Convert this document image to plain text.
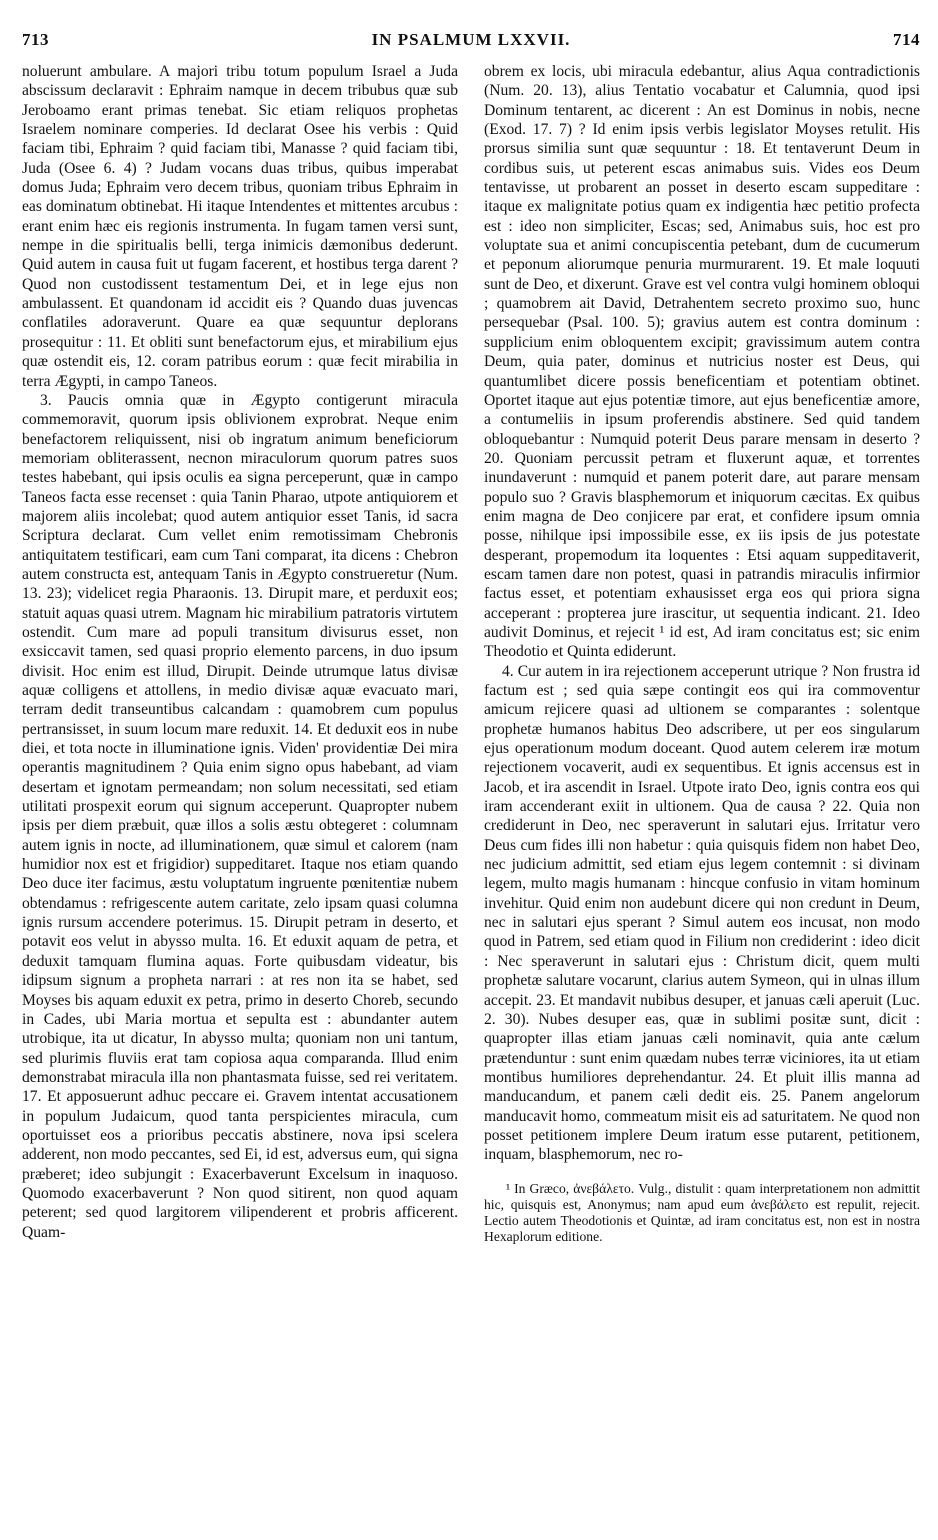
713	IN PSALMUM LXXVII.	714

noluerunt ambulare. A majori tribu totum populum Israel a Juda abscissum declaravit : Ephraim namque in decem tribubus quæ sub Jeroboamo erant primas tenebat. Sic etiam reliquos prophetas Israelem nominare comperies. Id declarat Osee his verbis : Quid faciam tibi, Ephraim ? quid faciam tibi, Manasse ? quid faciam tibi, Juda (Osee 6. 4) ? Judam vocans duas tribus, quibus imperabat domus Juda; Ephraim vero decem tribus, quoniam tribus Ephraim in eas dominatum obtinebat. Hi itaque Intendentes et mittentes arcubus : erant enim hæc eis regionis instrumenta. In fugam tamen versi sunt, nempe in die spiritualis belli, terga inimicis dæmonibus dederunt. Quid autem in causa fuit ut fugam facerent, et hostibus terga darent ? Quod non custodissent testamentum Dei, et in lege ejus non ambulassent. Et quandonam id accidit eis ? Quando duas juvencas conflatiles adoraverunt. Quare ea quæ sequuntur deplorans prosequitur : 11. Et obliti sunt benefactorum ejus, et mirabilium ejus quæ ostendit eis, 12. coram patribus eorum : quæ fecit mirabilia in terra Ægypti, in campo Taneos.

3. Paucis omnia quæ in Ægypto contigerunt miracula commemoravit, quorum ipsis oblivionem exprobrat. Neque enim benefactorem reliquissent, nisi ob ingratum animum beneficiorum memoriam obliterassent, necnon miraculorum quorum patres suos testes habebant, qui ipsis oculis ea signa perceperunt, quæ in campo Taneos facta esse recenset : quia Tanin Pharao, utpote antiquiorem et majorem aliis incolebat; quod autem antiquior esset Tanis, id sacra Scriptura declarat. Cum vellet enim remotissimam Chebronis antiquitatem testificari, eam cum Tani comparat, ita dicens : Chebron autem constructa est, antequam Tanis in Ægypto construeretur (Num. 13. 23); videlicet regia Pharaonis. 13. Dirupit mare, et perduxit eos; statuit aquas quasi utrem. Magnam hic mirabilium patratoris virtutem ostendit. Cum mare ad populi transitum divisurus esset, non exsiccavit tamen, sed quasi proprio elemento parcens, in duo ipsum divisit. Hoc enim est illud, Dirupit. Deinde utrumque latus divisæ aquæ colligens et attollens, in medio divisæ aquæ evacuato mari, terram dedit transeuntibus calcandam : quamobrem cum populus pertransisset, in suum locum mare reduxit. 14. Et deduxit eos in nube diei, et tota nocte in illuminatione ignis. Viden' providentiæ Dei mira operantis magnitudinem ? Quia enim signo opus habebant, ad viam desertam et ignotam permeandam; non solum necessitati, sed etiam utilitati prospexit eorum qui signum acceperunt. Quapropter nubem ipsis per diem præbuit, quæ illos a solis æstu obtegeret : columnam autem ignis in nocte, ad illuminationem, quæ simul et calorem (nam humidior nox est et frigidior) suppeditaret. Itaque nos etiam quando Deo duce iter facimus, æstu voluptatum ingruente pœnitentiæ nubem obtendamus : refrigescente autem caritate, zelo ipsam quasi columna ignis rursum accendere poterimus. 15. Dirupit petram in deserto, et potavit eos velut in abysso multa. 16. Et eduxit aquam de petra, et deduxit tamquam flumina aquas. Forte quibusdam videatur, bis idipsum signum a propheta narrari : at res non ita se habet, sed Moyses bis aquam eduxit ex petra, primo in deserto Choreb, secundo in Cades, ubi Maria mortua et sepulta est : abundanter autem utrobique, ita ut dicatur, In abysso multa; quoniam non uni tantum, sed plurimis fluviis erat tam copiosa aqua comparanda. Illud enim demonstrabat miracula illa non phantasmata fuisse, sed rei veritatem. 17. Et apposuerunt adhuc peccare ei. Gravem intentat accusationem in populum Judaicum, quod tanta perspicientes miracula, cum oportuisset eos a prioribus peccatis abstinere, nova ipsi scelera adderent, non modo peccantes, sed Ei, id est, adversus eum, qui signa præberet; ideo subjungit : Exacerbaverunt Excelsum in inaquoso. Quomodo exacerbaverunt ? Non quod sitirent, non quod aquam peterent; sed quod largitorem vilipenderent et probris afficerent. Quam-

obrem ex locis, ubi miracula edebantur, alius Aqua contradictionis (Num. 20. 13), alius Tentatio vocabatur et Calumnia, quod ipsi Dominum tentarent, ac dicerent : An est Dominus in nobis, necne (Exod. 17. 7) ? Id enim ipsis verbis legislator Moyses retulit. His prorsus similia sunt quæ sequuntur : 18. Et tentaverunt Deum in cordibus suis, ut peterent escas animabus suis. Vides eos Deum tentavisse, ut probarent an posset in deserto escam suppeditare : itaque ex malignitate potius quam ex indigentia hæc petitio profecta est : ideo non simpliciter, Escas; sed, Animabus suis, hoc est pro voluptate sua et animi concupiscentia petebant, dum de cucumerum et peponum aliorumque penuria murmurarent. 19. Et male loquuti sunt de Deo, et dixerunt. Grave est vel contra vulgi hominem obloqui ; quamobrem ait David, Detrahentem secreto proximo suo, hunc persequebar (Psal. 100. 5); gravius autem est contra dominum : supplicium enim obloquentem excipit; gravissimum autem contra Deum, quia pater, dominus et nutricius noster est Deus, qui quantumlibet dicere possis beneficentiam et potentiam obtinet. Oportet itaque aut ejus potentiæ timore, aut ejus beneficentiæ amore, a contumeliis in ipsum proferendis abstinere. Sed quid tandem obloquebantur : Numquid poterit Deus parare mensam in deserto ? 20. Quoniam percussit petram et fluxerunt aquæ, et torrentes inundaverunt : numquid et panem poterit dare, aut parare mensam populo suo ? Gravis blasphemorum et iniquorum cæcitas. Ex quibus enim magna de Deo conjicere par erat, et confidere ipsum omnia posse, nihilque ipsi impossibile esse, ex iis ipsis de jus potestate desperant, propemodum ita loquentes : Etsi aquam suppeditaverit, escam tamen dare non potest, quasi in patrandis miraculis infirmior factus esset, et potentiam exhausisset erga eos qui priora signa acceperant : propterea jure irascitur, ut sequentia indicant. 21. Ideo audivit Dominus, et rejecit ¹ id est, Ad iram concitatus est; sic enim Theodotio et Quinta ediderunt.

4. Cur autem in ira rejectionem acceperunt utrique ? Non frustra id factum est ; sed quia sæpe contingit eos qui ira commoventur amicum rejicere quasi ad ultionem se comparantes : solentque prophetæ humanos habitus Deo adscribere, ut per eos singularum ejus operationum modum doceant. Quod autem celerem iræ motum rejectionem vocaverit, audi ex sequentibus. Et ignis accensus est in Jacob, et ira ascendit in Israel. Utpote irato Deo, ignis contra eos qui iram accenderant exiit in ultionem. Qua de causa ? 22. Quia non crediderunt in Deo, nec speraverunt in salutari ejus. Irritatur vero Deus cum fides illi non habetur : quia quisquis fidem non habet Deo, nec judicium admittit, sed etiam ejus legem contemnit : si divinam legem, multo magis humanam : hincque confusio in vitam hominum invehitur. Quid enim non audebunt dicere qui non credunt in Deum, nec in salutari ejus sperant ? Simul autem eos incusat, non modo quod in Patrem, sed etiam quod in Filium non crediderint : ideo dicit : Nec speraverunt in salutari ejus : Christum dicit, quem multi prophetæ salutare vocarunt, clarius autem Symeon, qui in ulnas illum accepit. 23. Et mandavit nubibus desuper, et januas cæli aperuit (Luc. 2. 30). Nubes desuper eas, quæ in sublimi positæ sunt, dicit : quapropter illas etiam januas cæli nominavit, quia ante cælum prætenduntur : sunt enim quædam nubes terræ viciniores, ita ut etiam montibus humiliores deprehendantur. 24. Et pluit illis manna ad manducandum, et panem cæli dedit eis. 25. Panem angelorum manducavit homo, commeatum misit eis ad saturitatem. Ne quod non posset petitionem implere Deum iratum esse putarent, petitionem, inquam, blasphemorum, nec ro-

¹ In Græco, ἀνεβάλετο. Vulg., distulit : quam interpretationem non admittit hic, quisquis est, Anonymus; nam apud eum ἀνεβάλετο est repulit, rejecit. Lectio autem Theodotionis et Quintæ, ad iram concitatus est, non est in nostra Hexaplorum editione.
